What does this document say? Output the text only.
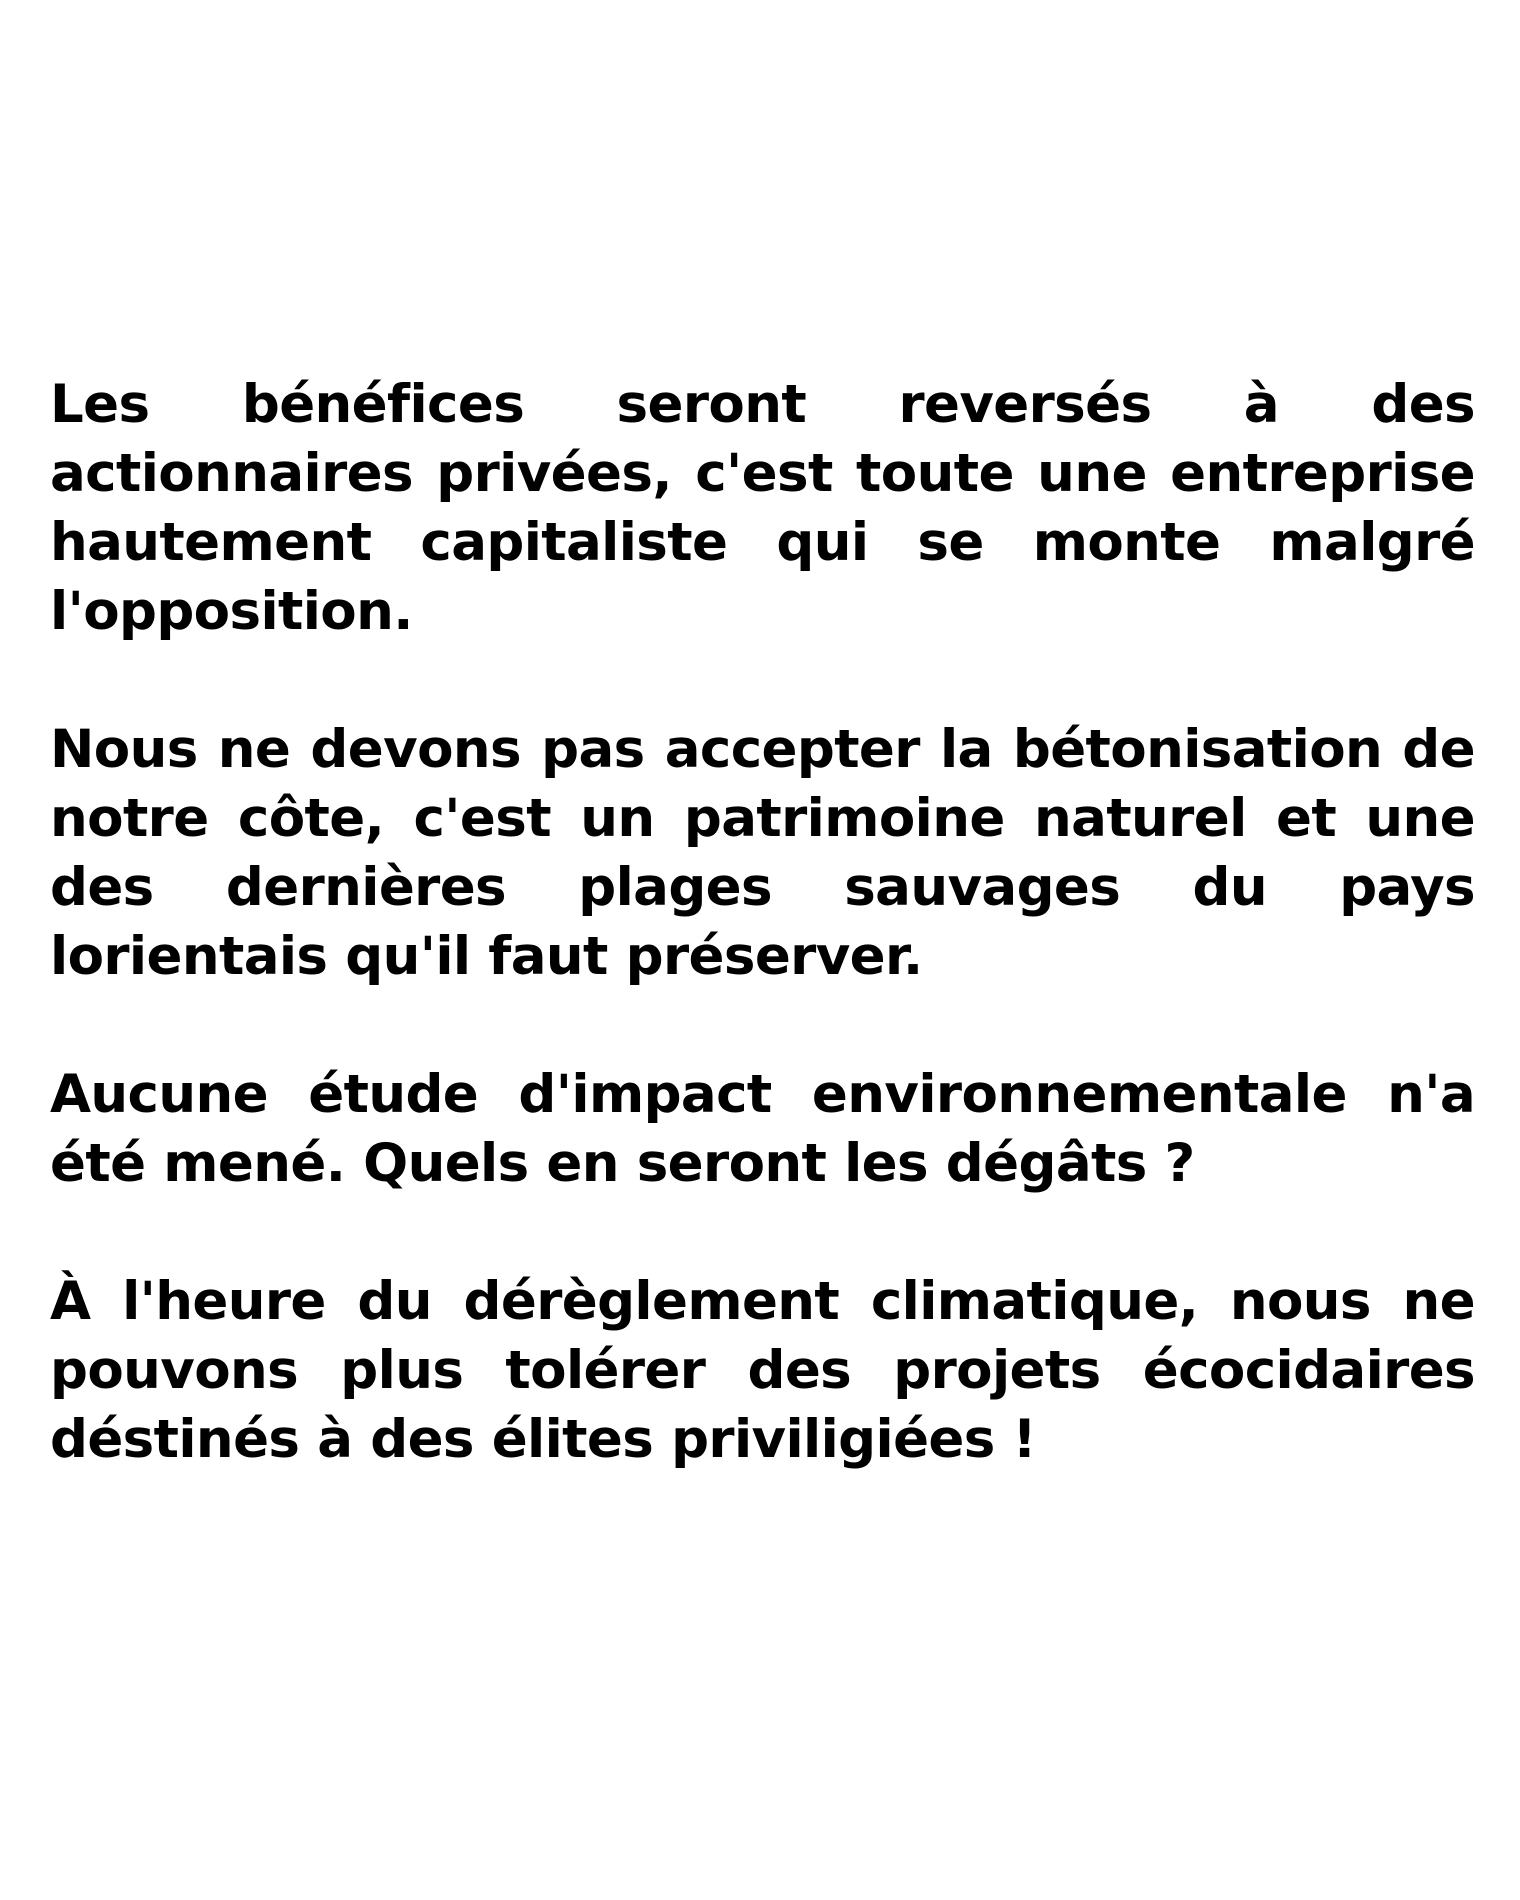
Les bénéfices seront reversés à des actionnaires privées, c'est toute une entreprise hautement capitaliste qui se monte malgré l'opposition.

Nous ne devons pas accepter la bétonisation de notre côte, c'est un patrimoine naturel et une des dernières plages sauvages du pays lorientais qu'il faut préserver.

Aucune étude d'impact environnementale n'a été mené. Quels en seront les dégâts ?

À l'heure du dérèglement climatique, nous ne pouvons plus tolérer des projets écocidaires déstinés à des élites priviligiées !
